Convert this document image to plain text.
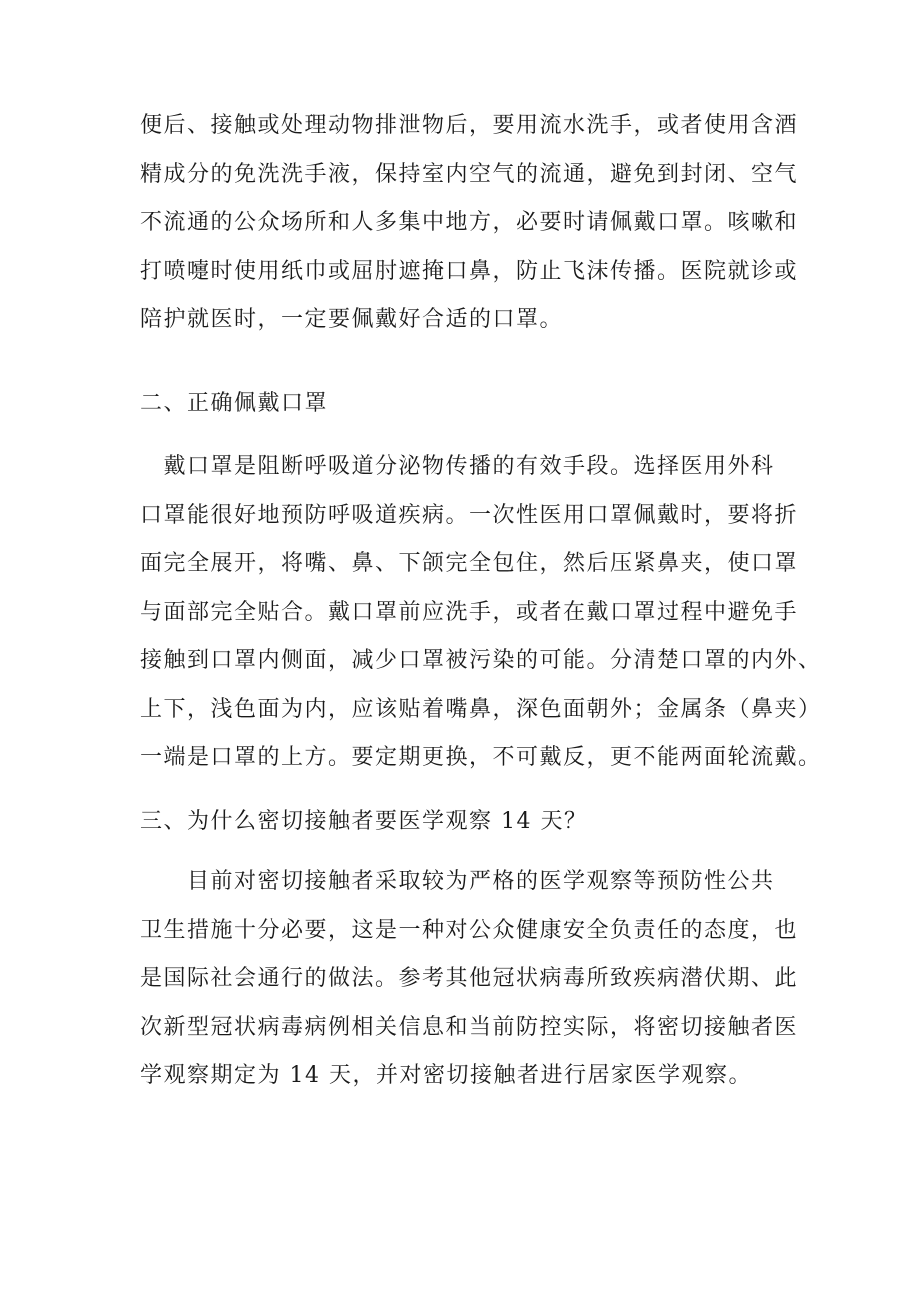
便后、接触或处理动物排泄物后，要用流水洗手，或者使用含酒
精成分的免洗洗手液，保持室内空气的流通，避免到封闭、空气
不流通的公众场所和人多集中地方，必要时请佩戴口罩。咳嗽和
打喷嚏时使用纸巾或屈肘遮掩口鼻，防止飞沫传播。医院就诊或
陪护就医时，一定要佩戴好合适的口罩。
二、正确佩戴口罩
　戴口罩是阻断呼吸道分泌物传播的有效手段。选择医用外科
口罩能很好地预防呼吸道疾病。一次性医用口罩佩戴时，要将折
面完全展开，将嘴、鼻、下颌完全包住，然后压紧鼻夹，使口罩
与面部完全贴合。戴口罩前应洗手，或者在戴口罩过程中避免手
接触到口罩内侧面，减少口罩被污染的可能。分清楚口罩的内外、
上下，浅色面为内，应该贴着嘴鼻，深色面朝外；金属条（鼻夹）
一端是口罩的上方。要定期更换，不可戴反，更不能两面轮流戴。
三、为什么密切接触者要医学观察 14 天？
　　目前对密切接触者采取较为严格的医学观察等预防性公共
卫生措施十分必要，这是一种对公众健康安全负责任的态度，也
是国际社会通行的做法。参考其他冠状病毒所致疾病潜伏期、此
次新型冠状病毒病例相关信息和当前防控实际，将密切接触者医
学观察期定为 14 天，并对密切接触者进行居家医学观察。
